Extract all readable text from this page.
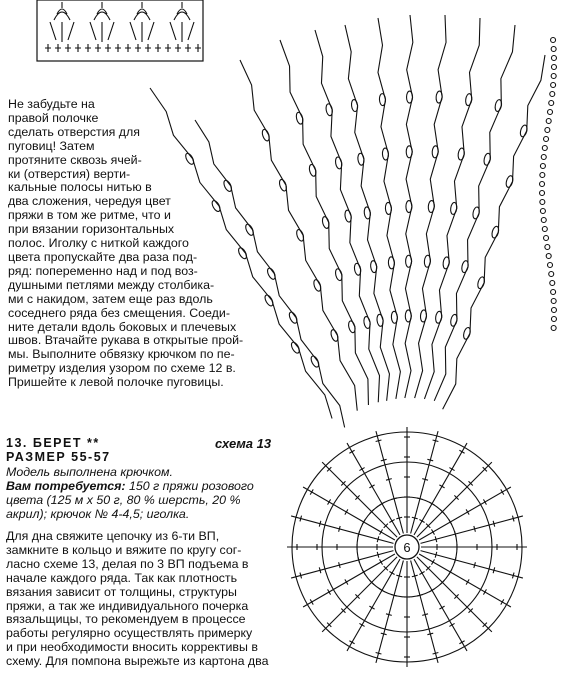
6

Не забудьте на

правой полочке

сделать отверстия для

пуговиц! Затем

протяните сквозь ячей-

ки (отверстия) верти-

кальные полосы нитью в

два сложения, чередуя цвет

пряжи в том же ритме, что и

при вязании горизонтальных

полос. Иголку с ниткой каждого

цвета пропускайте два раза под-

ряд: попеременно над и под воз-

душными петлями между столбика-

ми с накидом, затем еще раз вдоль

соседнего ряда без смещения. Соеди-

ните детали вдоль боковых и плечевых

швов. Втачайте рукава в открытые прой-

мы. Выполните обвязку крючком по пе-

риметру изделия узором по схеме 12 в.

Пришейте к левой полочке пуговицы.

13. БЕРЕТ **

РАЗМЕР 55-57

схема 13

Модель выполнена крючком.

Вам потребуется: 150 г пряжи розового

цвета (125 м х 50 г, 80 % шерсть, 20 %

акрил); крючок № 4-4,5; иголка.

Для дна свяжите цепочку из 6-ти ВП,

замкните в кольцо и вяжите по кругу сог-

ласно схеме 13, делая по 3 ВП подъема в

начале каждого ряда. Так как плотность

вязания зависит от толщины, структуры

пряжи, а так же индивидуального почерка

вязальщицы, то рекомендуем в процессе

работы регулярно осуществлять примерку

и при необходимости вносить коррективы в

схему. Для помпона вырежьте из картона два
